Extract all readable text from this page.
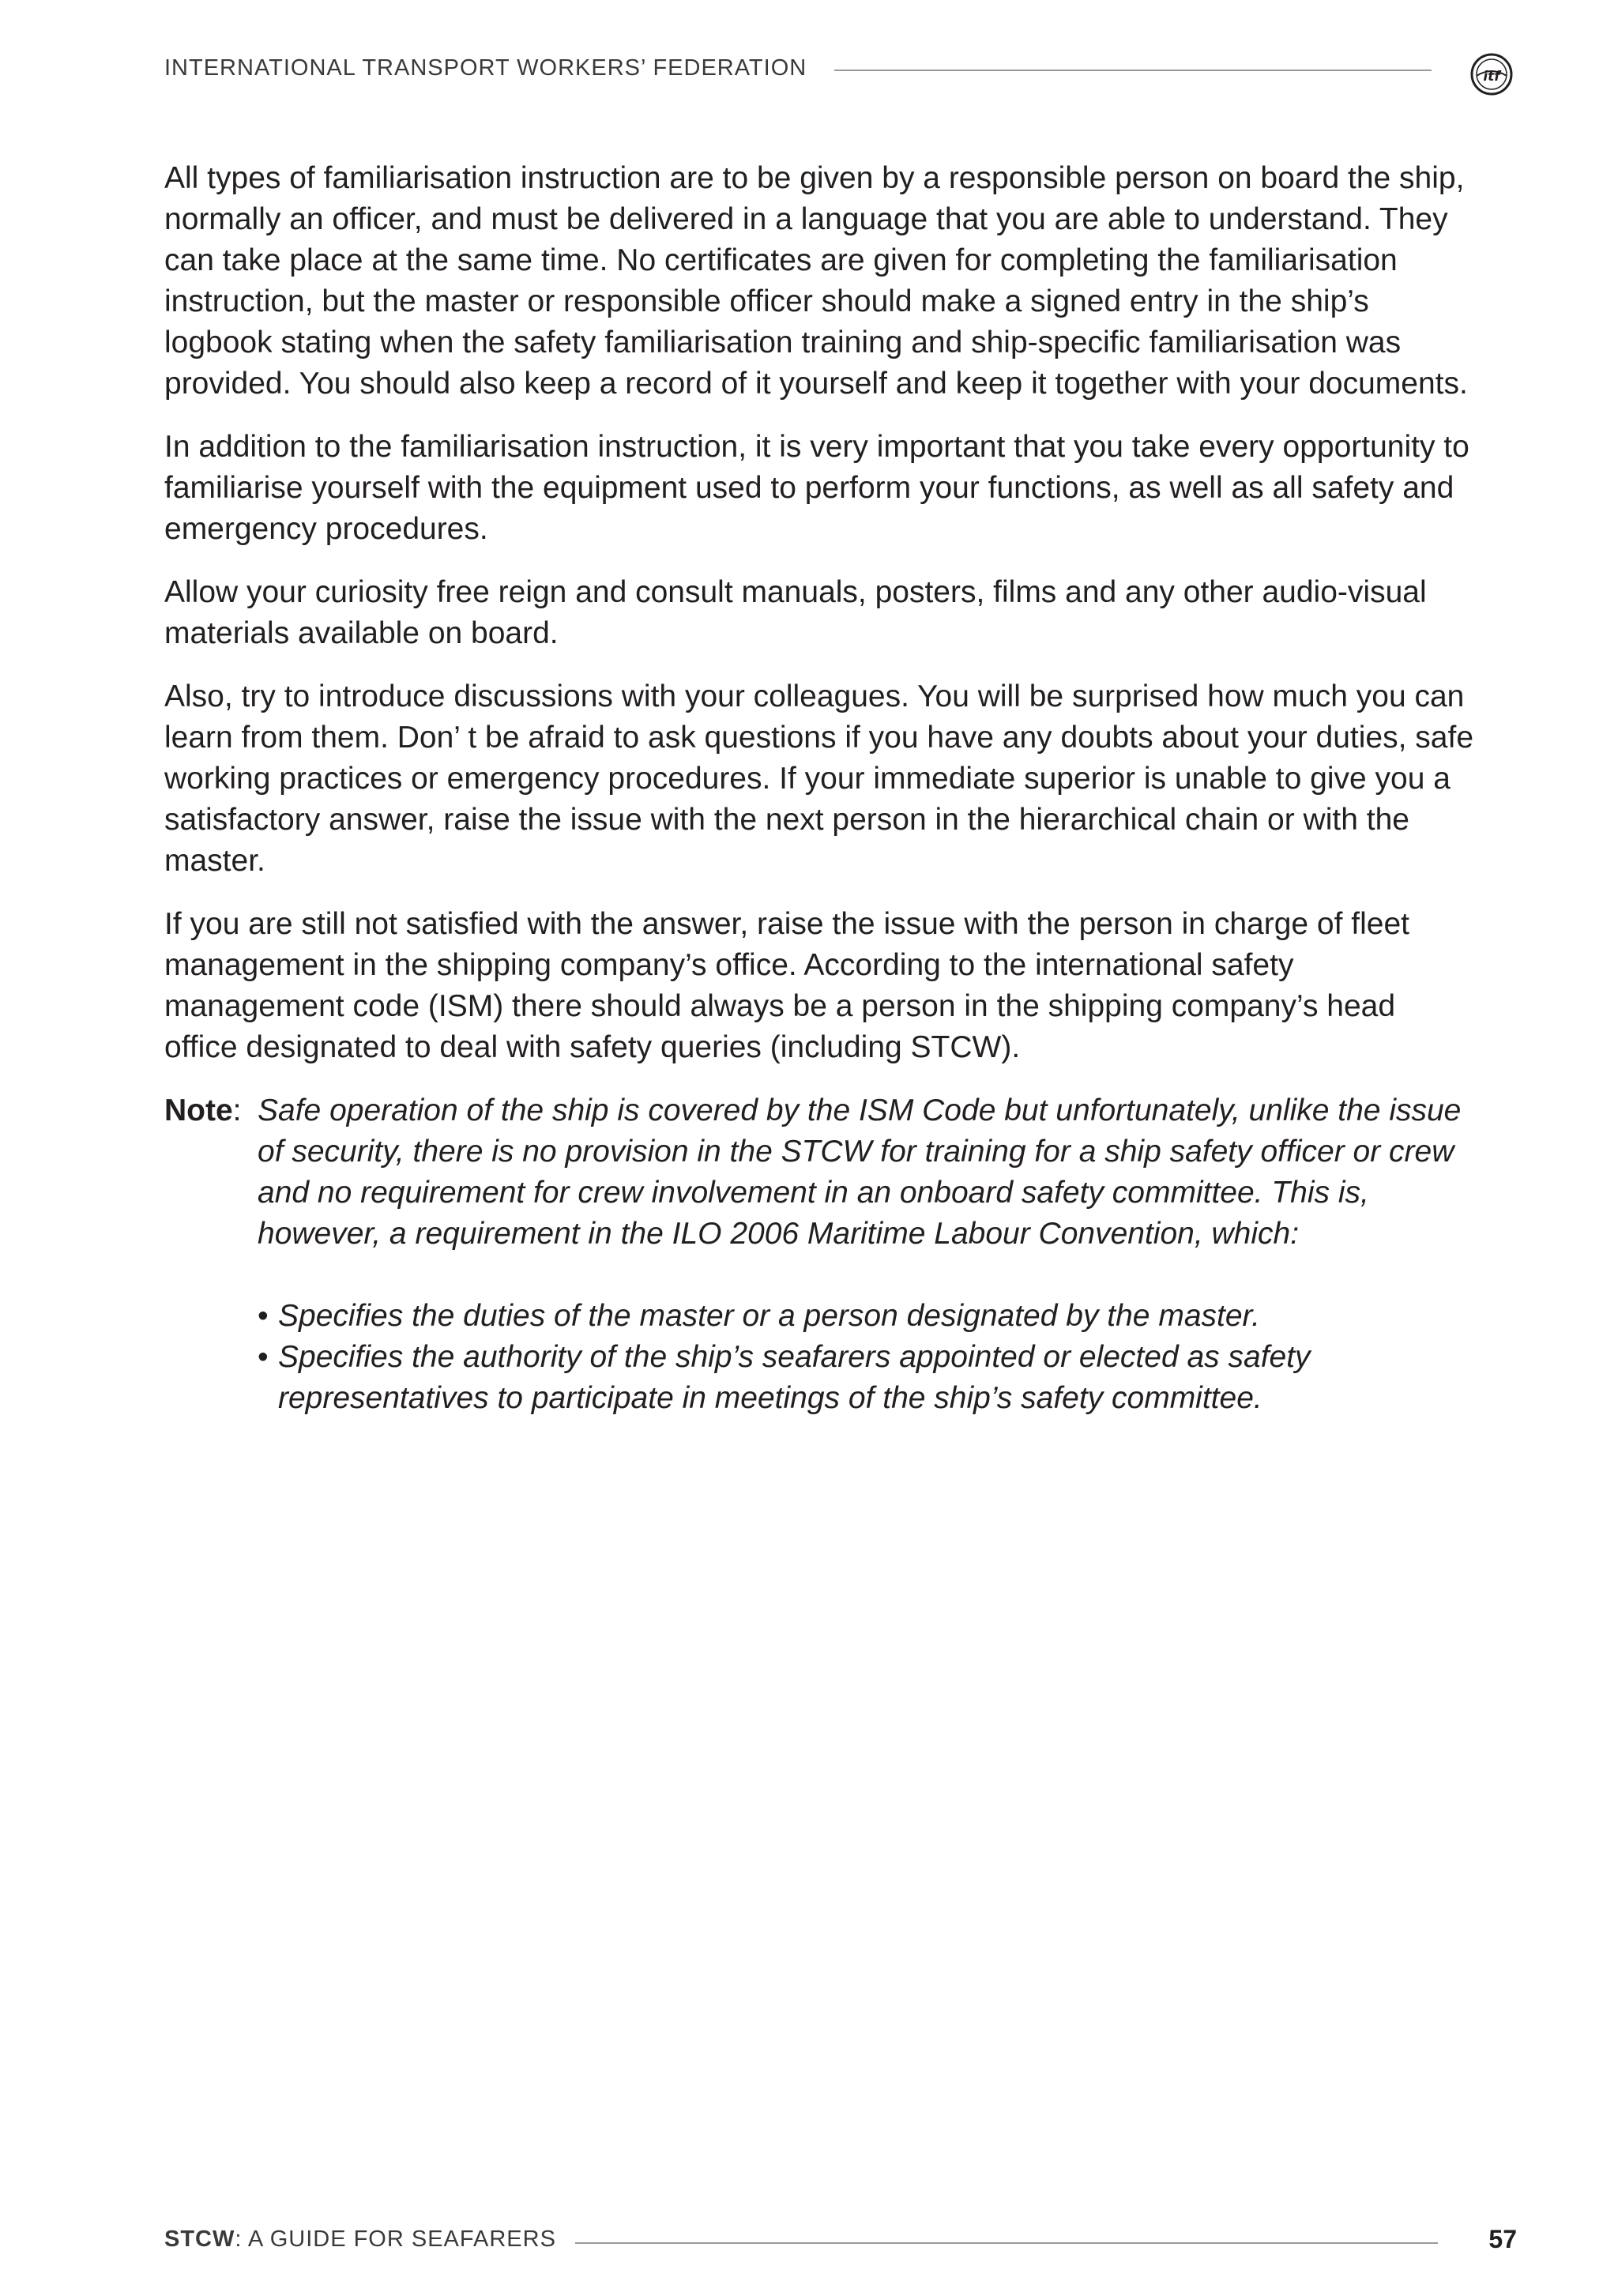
INTERNATIONAL TRANSPORT WORKERS’ FEDERATION	itf

All types of familiarisation instruction are to be given by a responsible person on board the ship, normally an officer, and must be delivered in a language that you are able to understand. They can take place at the same time. No certificates are given for completing the familiarisation instruction, but the master or responsible officer should make a signed entry in the ship’s logbook stating when the safety familiarisation training and ship-specific familiarisation was provided. You should also keep a record of it yourself and keep it together with your documents.

In addition to the familiarisation instruction, it is very important that you take every opportunity to familiarise yourself with the equipment used to perform your functions, as well as all safety and emergency procedures.

Allow your curiosity free reign and consult manuals, posters, films and any other audio-visual materials available on board.

Also, try to introduce discussions with your colleagues. You will be surprised how much you can learn from them. Don’ t be afraid to ask questions if you have any doubts about your duties, safe working practices or emergency procedures. If your immediate superior is unable to give you a satisfactory answer, raise the issue with the next person in the hierarchical chain or with the master.

If you are still not satisfied with the answer, raise the issue with the person in charge of fleet management in the shipping company’s office. According to the international safety management code (ISM) there should always be a person in the shipping company’s head office designated to deal with safety queries (including STCW).

Note: Safe operation of the ship is covered by the ISM Code but unfortunately, unlike the issue of security, there is no provision in the STCW for training for a ship safety officer or crew and no requirement for crew involvement in an onboard safety committee. This is, however, a requirement in the ILO 2006 Maritime Labour Convention, which:

• Specifies the duties of the master or a person designated by the master.
• Specifies the authority of the ship’s seafarers appointed or elected as safety representatives to participate in meetings of the ship’s safety committee.
STCW: A GUIDE FOR SEAFARERS	57
